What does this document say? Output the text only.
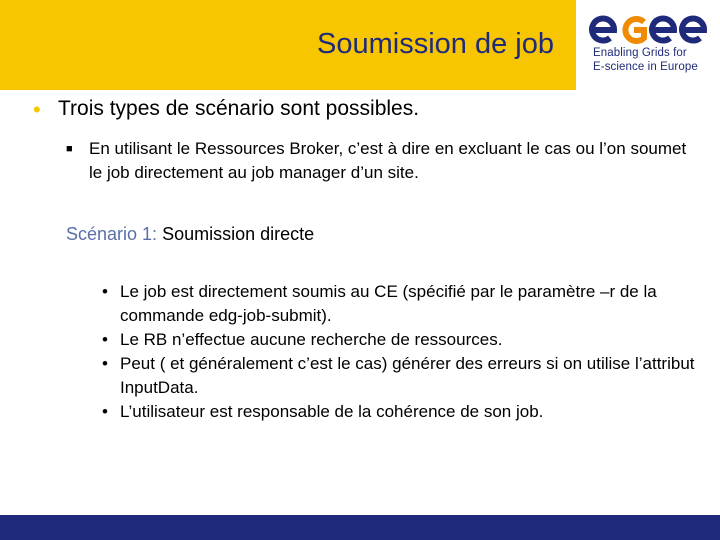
Soumission de job	Enabling Grids for
E-science in Europe
• Trois types de scénario sont possibles.
■ En utilisant le Ressources Broker, c’est à dire en excluant le cas ou l’on soumet le job directement au job manager d’un site.
Scénario 1: Soumission directe
• Le job est directement soumis au CE (spécifié par le paramètre –r de la commande edg-job-submit).
• Le RB n’effectue aucune recherche de ressources.
• Peut ( et généralement c’est le cas) générer des erreurs si on utilise l’attribut InputData.
• L’utilisateur est responsable de la cohérence de son job.
